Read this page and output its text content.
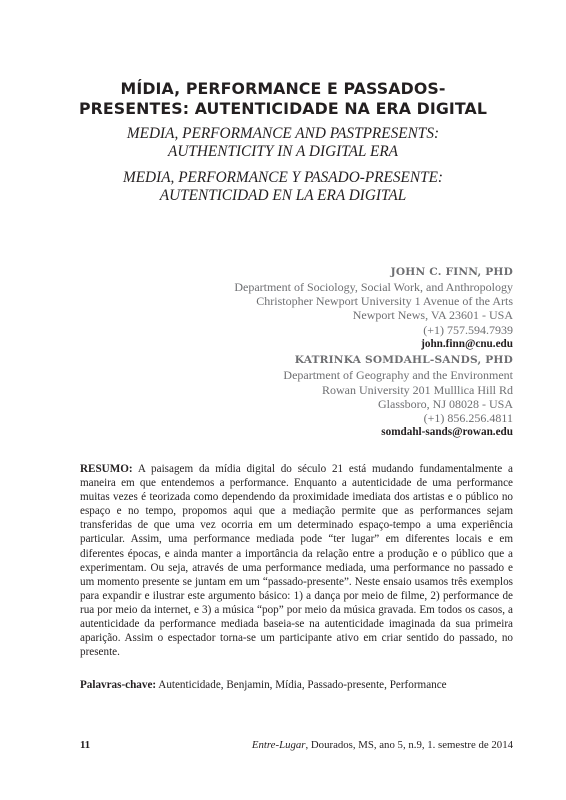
MÍDIA, PERFORMANCE E PASSADOS-
PRESENTES: AUTENTICIDADE NA ERA DIGITAL

MEDIA, PERFORMANCE AND PASTPRESENTS:
AUTHENTICITY IN A DIGITAL ERA

MEDIA, PERFORMANCE Y PASADO-PRESENTE:
AUTENTICIDAD EN LA ERA DIGITAL

JOHN C. FINN, PHD
Department of Sociology, Social Work, and Anthropology
Christopher Newport University 1 Avenue of the Arts
Newport News, VA 23601 - USA
(+1) 757.594.7939
john.finn@cnu.edu
KATRINKA SOMDAHL-SANDS, PHD
Department of Geography and the Environment
Rowan University 201 Mulllica Hill Rd
Glassboro, NJ 08028 - USA
(+1) 856.256.4811
somdahl-sands@rowan.edu

RESUMO: A paisagem da mídia digital do século 21 está mudando fundamentalmente a maneira em que entendemos a performance. Enquanto a autenticidade de uma performance muitas vezes é teorizada como dependendo da proximidade imediata dos artistas e o público no espaço e no tempo, propomos aqui que a mediação permite que as performances sejam transferidas de que uma vez ocorria em um determinado espaço-tempo a uma experiência particular. Assim, uma performance mediada pode “ter lugar” em diferentes locais e em diferentes épocas, e ainda manter a importância da relação entre a produção e o público que a experimentam. Ou seja, através de uma performance mediada, uma performance no passado e um momento presente se juntam em um “passado-presente”. Neste ensaio usamos três exemplos para expandir e ilustrar este argumento básico: 1) a dança por meio de filme, 2) performance de rua por meio da internet, e 3) a música “pop” por meio da música gravada. Em todos os casos, a autenticidade da performance mediada baseia-se na autenticidade imaginada da sua primeira aparição. Assim o espectador torna-se um participante ativo em criar sentido do passado, no presente.

Palavras-chave: Autenticidade, Benjamin, Mídia, Passado-presente, Performance

11	Entre-Lugar, Dourados, MS, ano 5, n.9, 1. semestre de 2014
